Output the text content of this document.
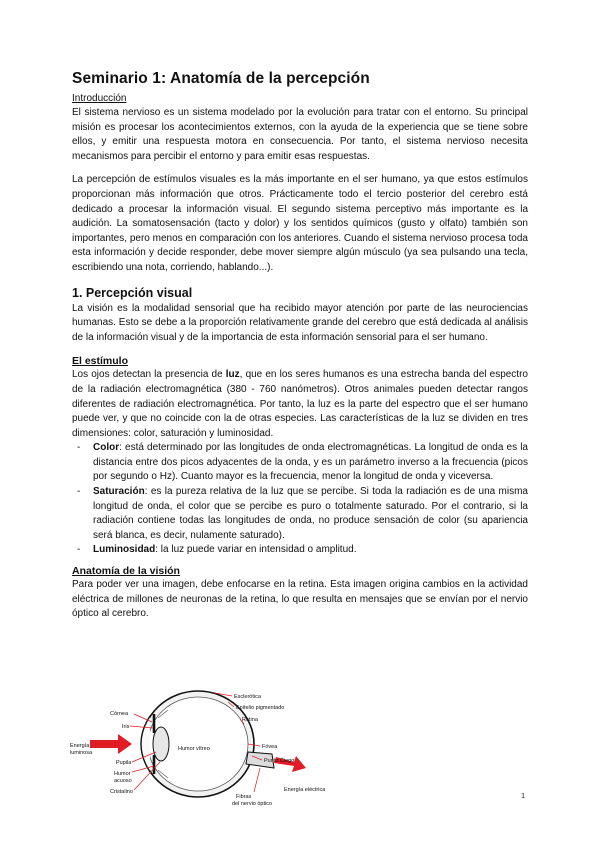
Seminario 1: Anatomía de la percepción
Introducción

El sistema nervioso es un sistema modelado por la evolución para tratar con el entorno. Su principal misión es procesar los acontecimientos externos, con la ayuda de la experiencia que se tiene sobre ellos, y emitir una respuesta motora en consecuencia. Por tanto, el sistema nervioso necesita mecanismos para percibir el entorno y para emitir esas respuestas.

La percepción de estímulos visuales es la más importante en el ser humano, ya que estos estímulos proporcionan más información que otros. Prácticamente todo el tercio posterior del cerebro está dedicado a procesar la información visual. El segundo sistema perceptivo más importante es la audición. La somatosensación (tacto y dolor) y los sentidos químicos (gusto y olfato) también son importantes, pero menos en comparación con los anteriores. Cuando el sistema nervioso procesa toda esta información y decide responder, debe mover siempre algún músculo (ya sea pulsando una tecla, escribiendo una nota, corriendo, hablando...).

1. Percepción visual

La visión es la modalidad sensorial que ha recibido mayor atención por parte de las neurociencias humanas. Esto se debe a la proporción relativamente grande del cerebro que está dedicada al análisis de la información visual y de la importancia de esta información sensorial para el ser humano.

El estímulo

Los ojos detectan la presencia de luz, que en los seres humanos es una estrecha banda del espectro de la radiación electromagnética (380 - 760 nanómetros). Otros animales pueden detectar rangos diferentes de radiación electromagnética. Por tanto, la luz es la parte del espectro que el ser humano puede ver, y que no coincide con la de otras especies. Las características de la luz se dividen en tres dimensiones: color, saturación y luminosidad.

- Color: está determinado por las longitudes de onda electromagnéticas. La longitud de onda es la distancia entre dos picos adyacentes de la onda, y es un parámetro inverso a la frecuencia (picos por segundo o Hz). Cuanto mayor es la frecuencia, menor la longitud de onda y viceversa.
- Saturación: es la pureza relativa de la luz que se percibe. Si toda la radiación es de una misma longitud de onda, el color que se percibe es puro o totalmente saturado. Por el contrario, si la radiación contiene todas las longitudes de onda, no produce sensación de color (su apariencia será blanca, es decir, nulamente saturado).
- Luminosidad: la luz puede variar en intensidad o amplitud.
Anatomía de la visión

Para poder ver una imagen, debe enfocarse en la retina. Esta imagen origina cambios en la actividad eléctrica de millones de neuronas de la retina, lo que resulta en mensajes que se envían por el nervio óptico al cerebro.

Córnea
Iris
Energía
luminosa
Pupila
Humor
acuoso
Cristalino
Humor vítreo
Esclerótica
Epitelio pigmentado
Retina
Fóvea
Punto Ciego
Energía eléctrica
Fibras
del nervio óptico
1
